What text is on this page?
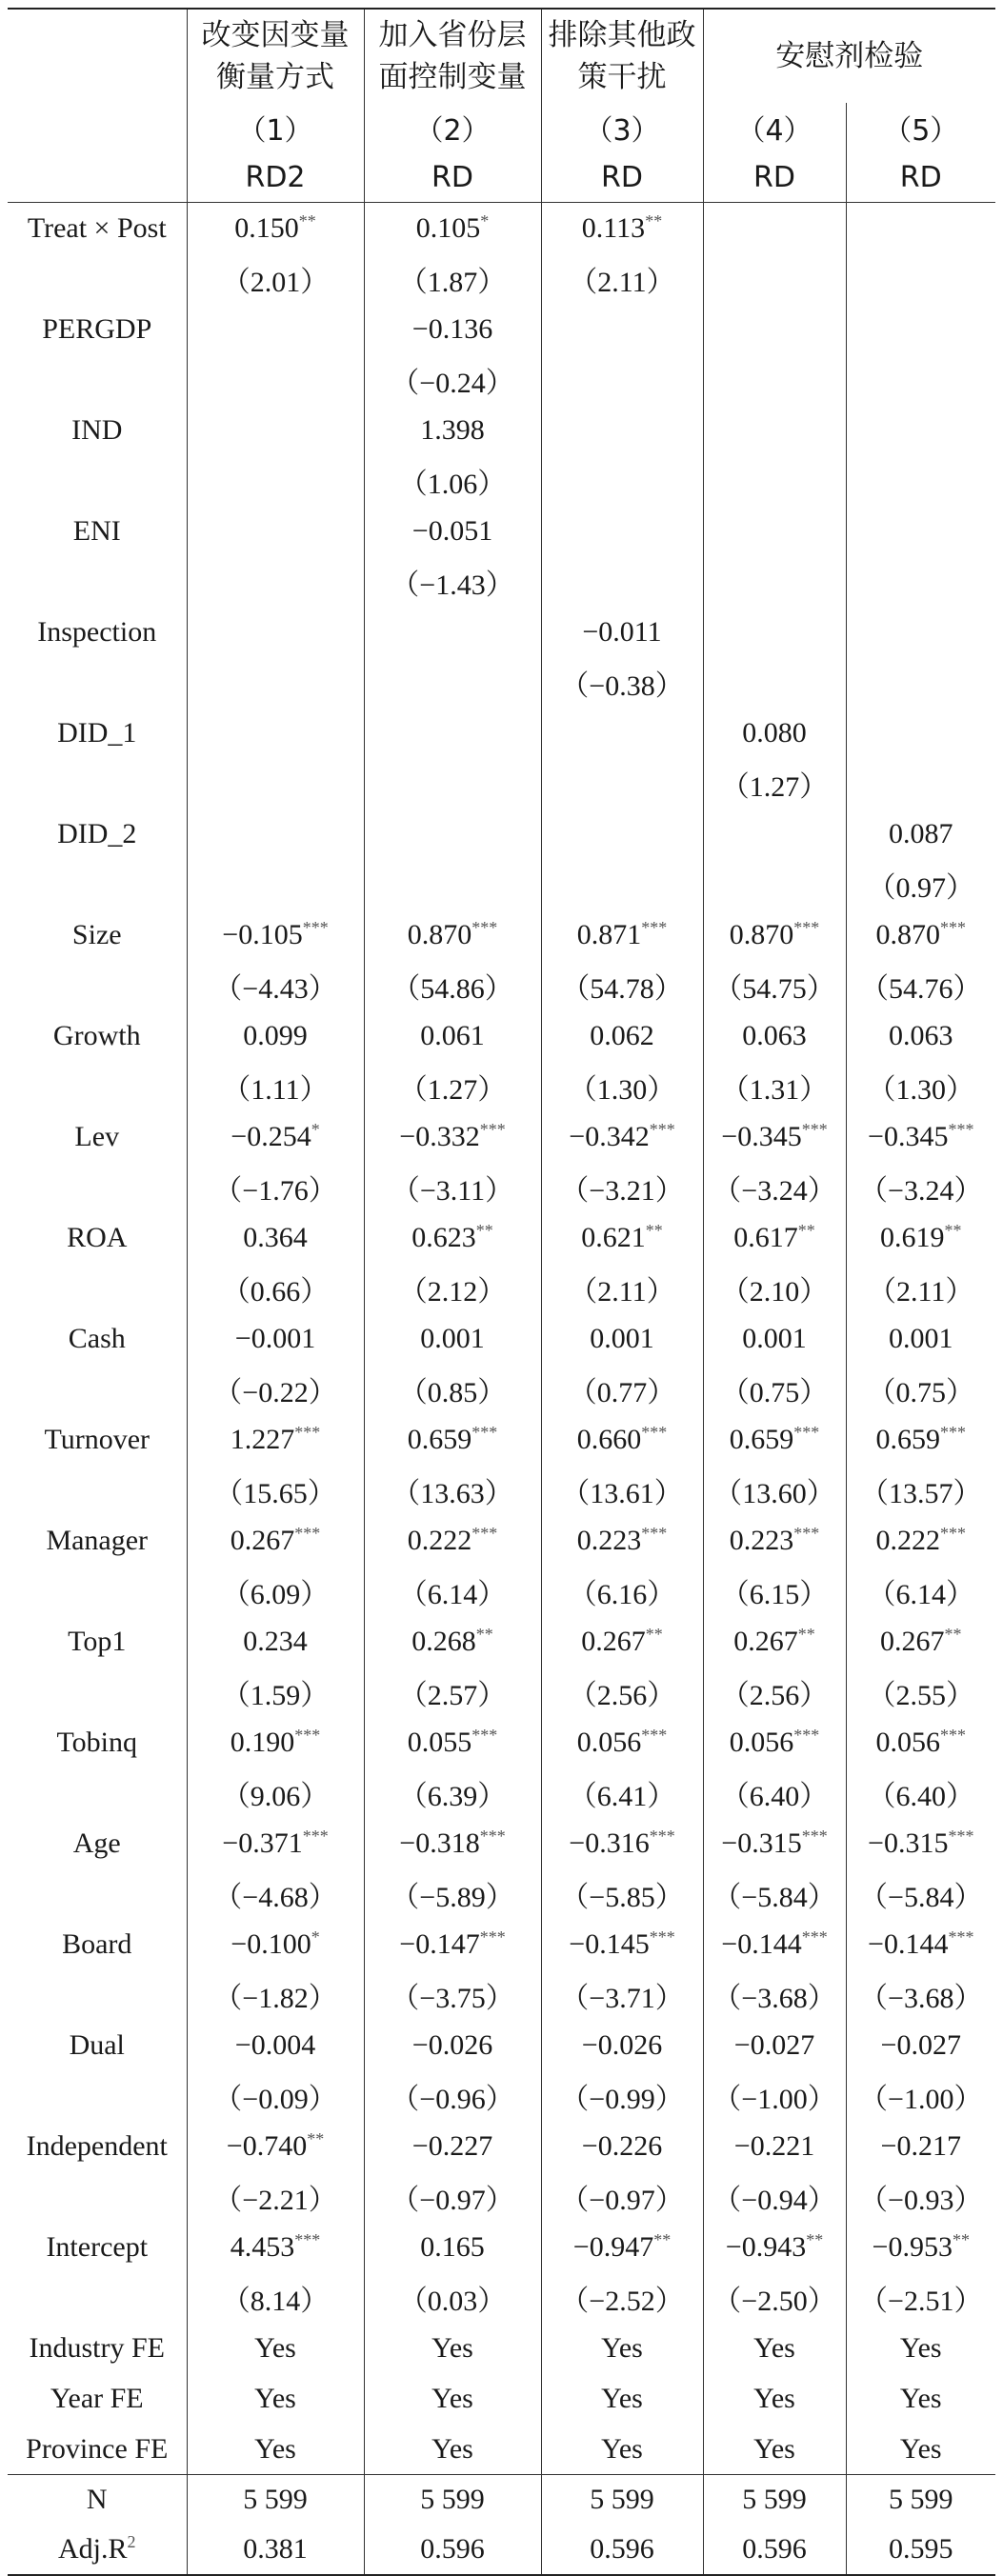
	改变因变量衡量方式	加入省份层面控制变量	排除其他政策干扰	安慰剂检验	
	（1）	（2）	（3）	（4）	（5）
	RD2	RD	RD	RD	RD
Treat × Post	0.150**	0.105*	0.113**		
	（2.01）	（1.87）	（2.11）		
PERGDP		−0.136			
		（−0.24）			
IND		1.398			
		（1.06）			
ENI		−0.051			
		（−1.43）			
Inspection			−0.011		
			（−0.38）		
DID_1				0.080	
				（1.27）	
DID_2					0.087
					（0.97）
Size	−0.105***	0.870***	0.871***	0.870***	0.870***
	（−4.43）	（54.86）	（54.78）	（54.75）	（54.76）
Growth	0.099	0.061	0.062	0.063	0.063
	（1.11）	（1.27）	（1.30）	（1.31）	（1.30）
Lev	−0.254*	−0.332***	−0.342***	−0.345***	−0.345***
	（−1.76）	（−3.11）	（−3.21）	（−3.24）	（−3.24）
ROA	0.364	0.623**	0.621**	0.617**	0.619**
	（0.66）	（2.12）	（2.11）	（2.10）	（2.11）
Cash	−0.001	0.001	0.001	0.001	0.001
	（−0.22）	（0.85）	（0.77）	（0.75）	（0.75）
Turnover	1.227***	0.659***	0.660***	0.659***	0.659***
	（15.65）	（13.63）	（13.61）	（13.60）	（13.57）
Manager	0.267***	0.222***	0.223***	0.223***	0.222***
	（6.09）	（6.14）	（6.16）	（6.15）	（6.14）
Top1	0.234	0.268**	0.267**	0.267**	0.267**
	（1.59）	（2.57）	（2.56）	（2.56）	（2.55）
Tobinq	0.190***	0.055***	0.056***	0.056***	0.056***
	（9.06）	（6.39）	（6.41）	（6.40）	（6.40）
Age	−0.371***	−0.318***	−0.316***	−0.315***	−0.315***
	（−4.68）	（−5.89）	（−5.85）	（−5.84）	（−5.84）
Board	−0.100*	−0.147***	−0.145***	−0.144***	−0.144***
	（−1.82）	（−3.75）	（−3.71）	（−3.68）	（−3.68）
Dual	−0.004	−0.026	−0.026	−0.027	−0.027
	（−0.09）	（−0.96）	（−0.99）	（−1.00）	（−1.00）
Independent	−0.740**	−0.227	−0.226	−0.221	−0.217
	（−2.21）	（−0.97）	（−0.97）	（−0.94）	（−0.93）
Intercept	4.453***	0.165	−0.947**	−0.943**	−0.953**
	（8.14）	（0.03）	（−2.52）	（−2.50）	（−2.51）
Industry FE	Yes	Yes	Yes	Yes	Yes
Year FE	Yes	Yes	Yes	Yes	Yes
Province FE	Yes	Yes	Yes	Yes	Yes
N	5 599	5 599	5 599	5 599	5 599
$Adj.R^2$	0.381	0.596	0.596	0.596	0.595
